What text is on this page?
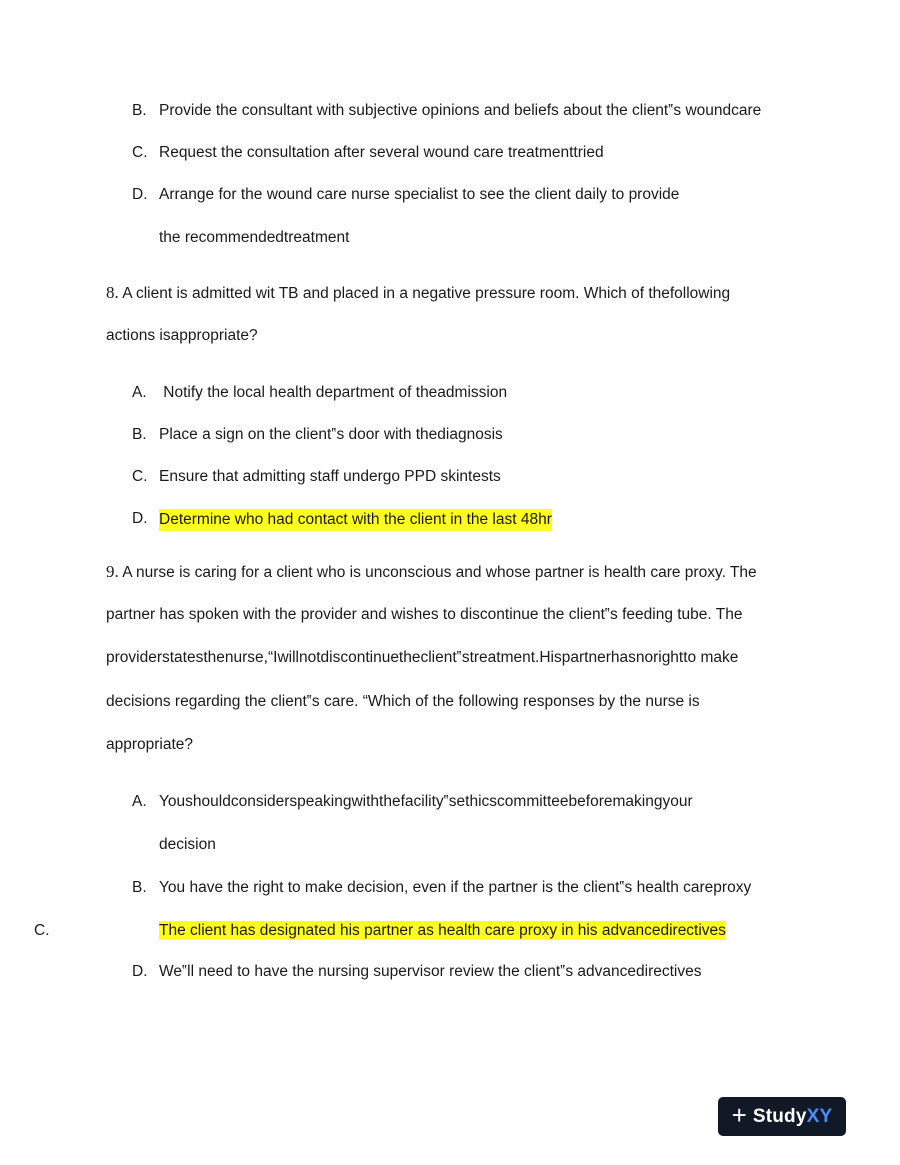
B. Provide the consultant with subjective opinions and beliefs about the client‟s woundcare
C. Request the consultation after several wound care treatmenttried
D. Arrange for the wound care nurse specialist to see the client daily to provide
the recommendedtreatment
8. A client is admitted wit TB and placed in a negative pressure room. Which of thefollowing
actions isappropriate?
A. Notify the local health department of theadmission
B. Place a sign on the client‟s door with thediagnosis
C. Ensure that admitting staff undergo PPD skintests
D. Determine who had contact with the client in the last 48hr
9. A nurse is caring for a client who is unconscious and whose partner is health care proxy. The
partner has spoken with the provider and wishes to discontinue the client‟s feeding tube. The
providerstatesthenurse,“Iwillnotdiscontinuetheclient‟streatment.Hispartnerhasnorightto make
decisions regarding the client‟s care. “Which of the following responses by the nurse is
appropriate?
A. Youshouldconsiderspeakingwiththefacility‟sethicscommitteebeforemakingyour
decision
B. You have the right to make decision, even if the partner is the client‟s health careproxy
C.	The client has designated his partner as health care proxy in his advancedirectives
D. We‟ll need to have the nursing supervisor review the client‟s advancedirectives
+ StudyXY
